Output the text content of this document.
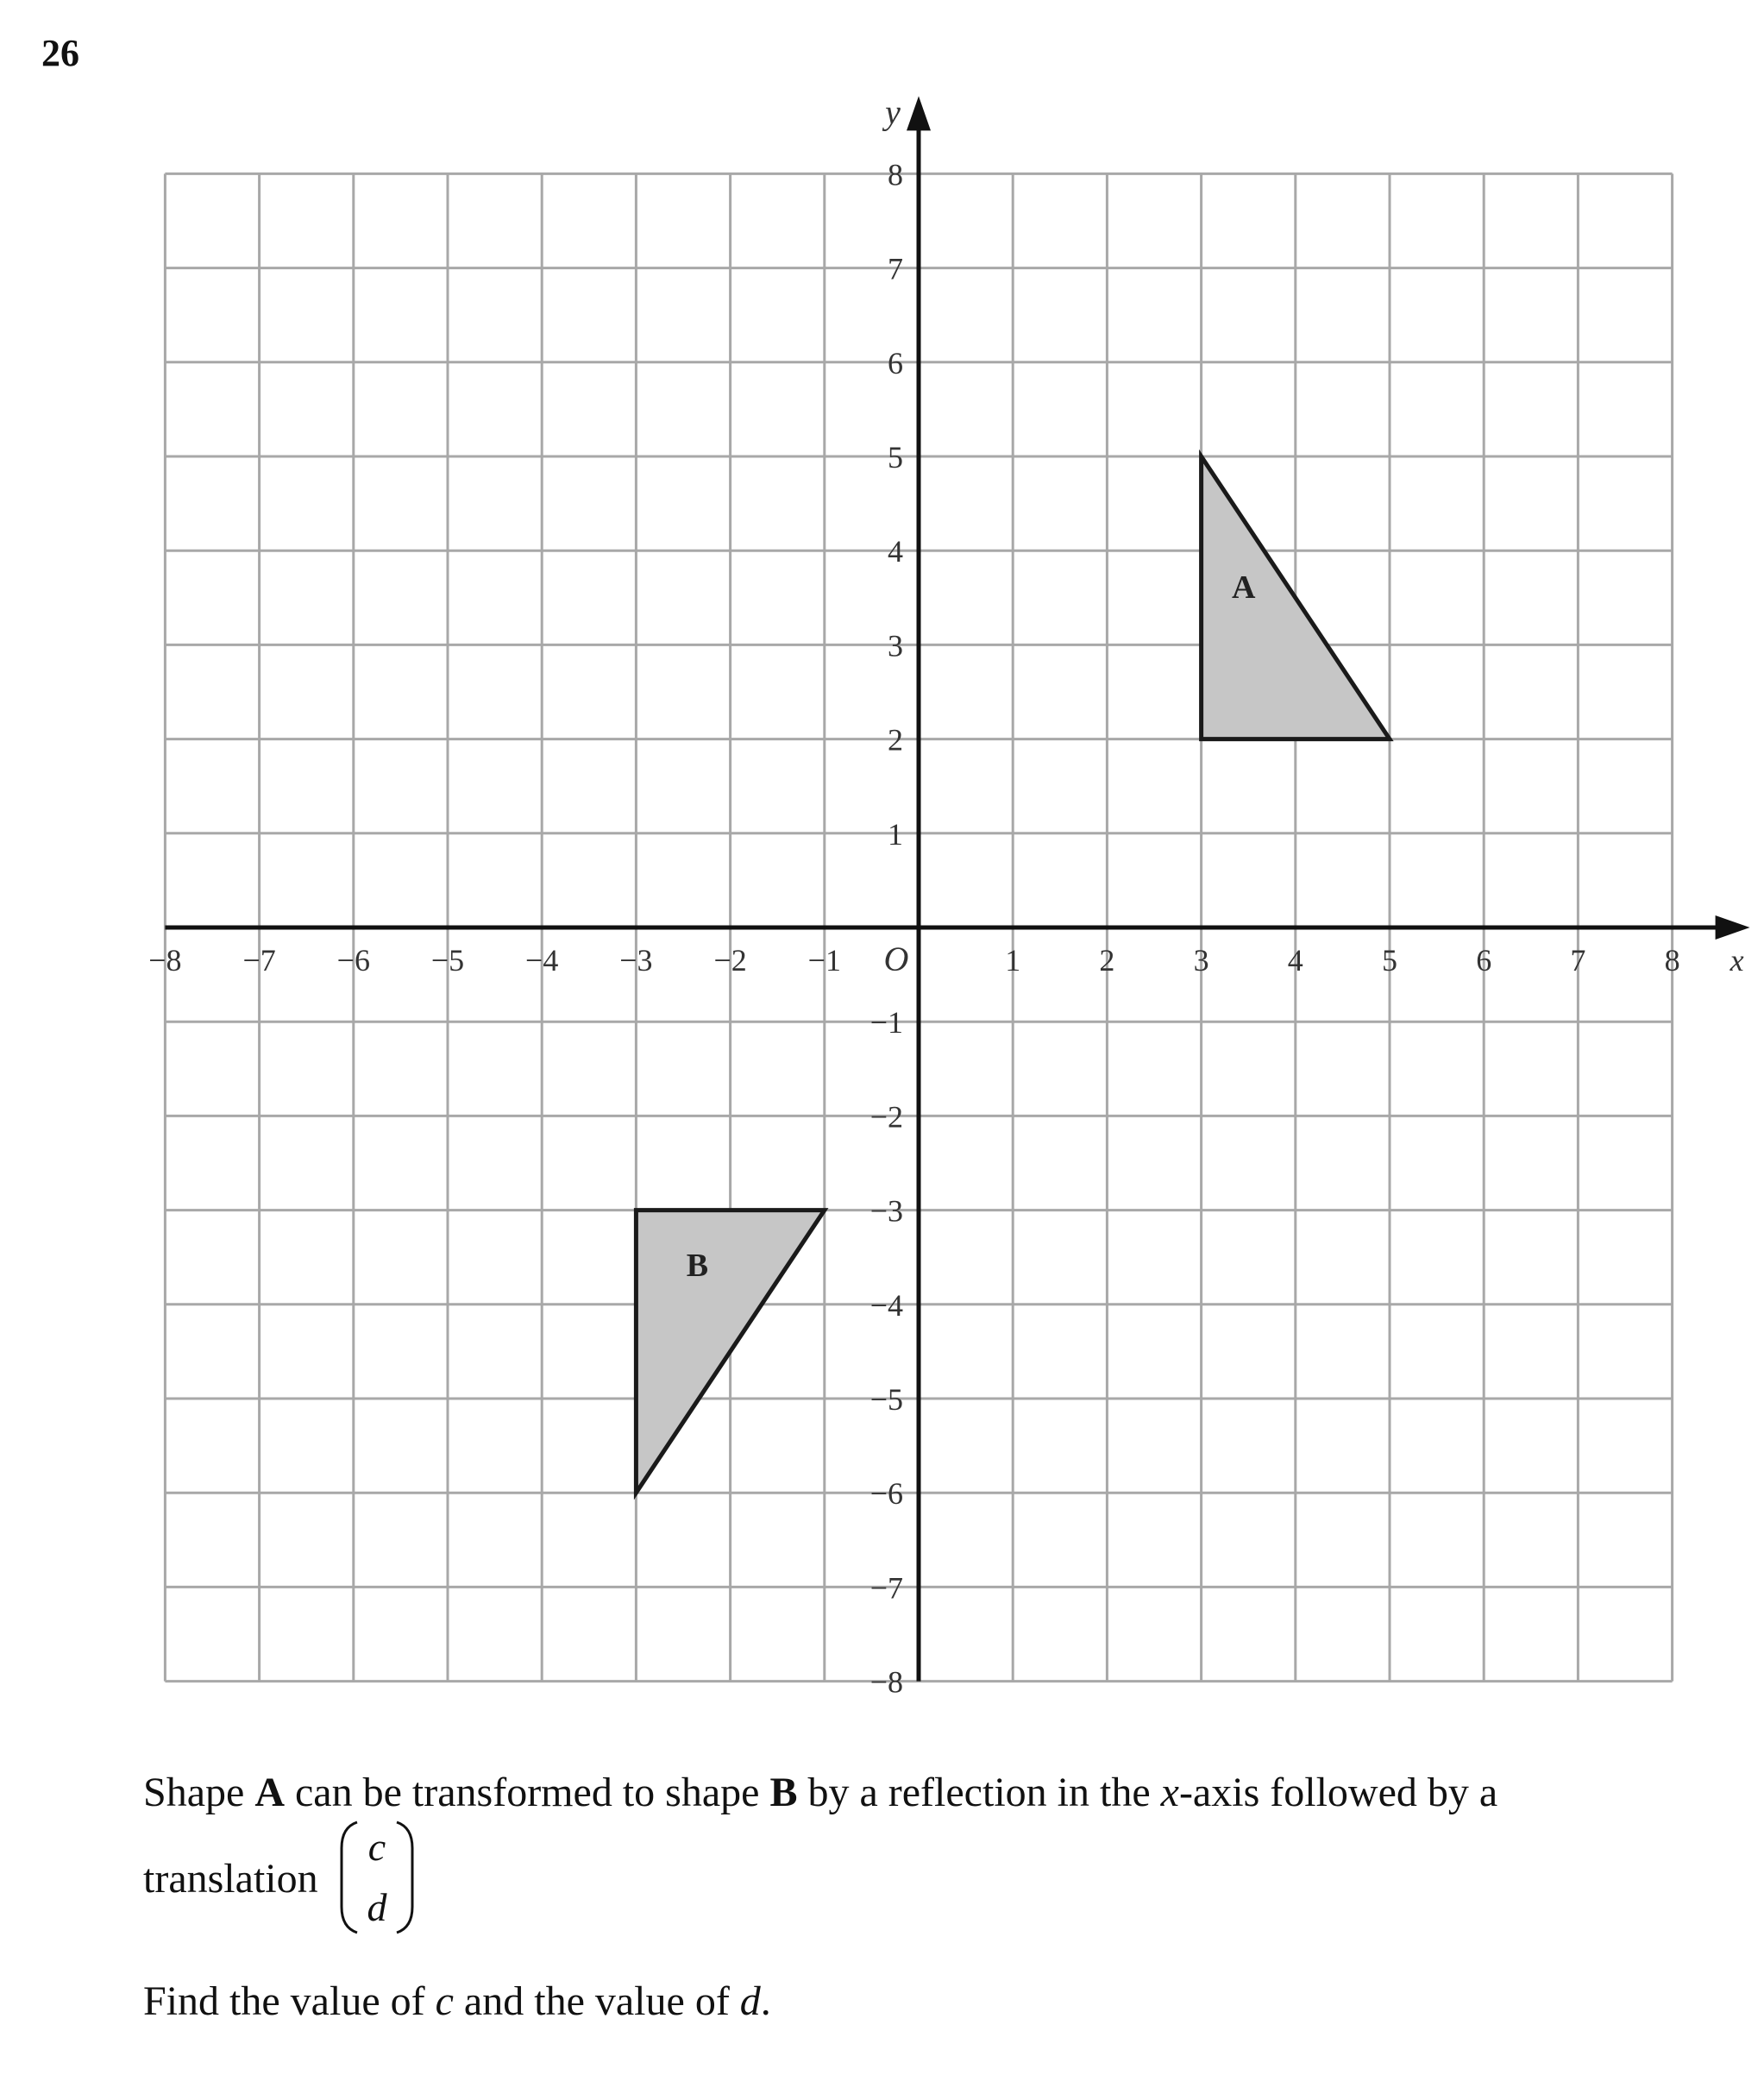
26
A
B
−8 −7 −6 −5 −4 −3 −2 −1	1	2	3	4	5	6	7	8
8
7
6
5
4
3
2
1
−1
−2
−3
−4
−5
−6
−7
−8
O	x
y
Shape A can be transformed to shape B by a reflection in the x-axis followed by a
translation
c
d
Find the value of c and the value of d.
